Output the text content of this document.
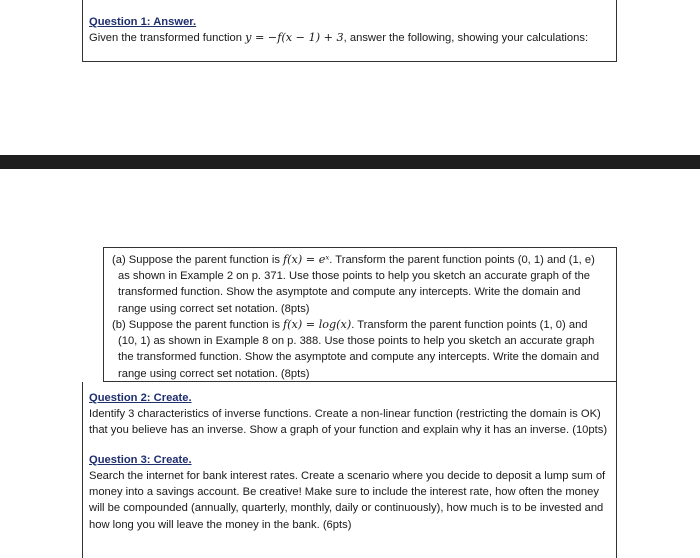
Question 1: Answer.
Given the transformed function y = −f(x − 1) + 3, answer the following, showing your calculations:

(a) Suppose the parent function is f(x) = eˣ. Transform the parent function points (0, 1) and (1, e) as shown in Example 2 on p. 371. Use those points to help you sketch an accurate graph of the transformed function. Show the asymptote and compute any intercepts. Write the domain and range using correct set notation. (8pts)

(b) Suppose the parent function is f(x) = log(x). Transform the parent function points (1, 0) and (10, 1) as shown in Example 8 on p. 388. Use those points to help you sketch an accurate graph the transformed function. Show the asymptote and compute any intercepts. Write the domain and range using correct set notation. (8pts)

Question 2: Create.
Identify 3 characteristics of inverse functions. Create a non-linear function (restricting the domain is OK) that you believe has an inverse. Show a graph of your function and explain why it has an inverse. (10pts)
Question 3: Create.
Search the internet for bank interest rates. Create a scenario where you decide to deposit a lump sum of money into a savings account. Be creative! Make sure to include the interest rate, how often the money will be compounded (annually, quarterly, monthly, daily or continuously), how much is to be invested and how long you will leave the money in the bank. (6pts)
